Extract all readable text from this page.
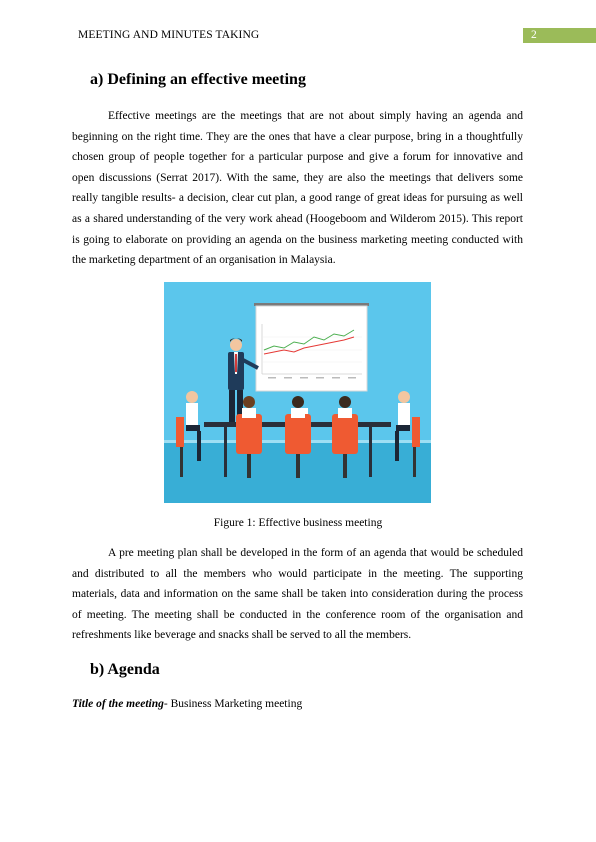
MEETING AND MINUTES TAKING	2
a) Defining an effective meeting

Effective meetings are the meetings that are not about simply having an agenda and beginning on the right time. They are the ones that have a clear purpose, bring in a thoughtfully chosen group of people together for a particular purpose and give a forum for innovative and open discussions (Serrat 2017). With the same, they are also the meetings that delivers some really tangible results- a decision, clear cut plan, a good range of great ideas for pursuing as well as a shared understanding of the very work ahead (Hoogeboom and Wilderom 2015). This report is going to elaborate on providing an agenda on the business marketing meeting conducted with the marketing department of an organisation in Malaysia.

Figure 1: Effective business meeting

A pre meeting plan shall be developed in the form of an agenda that would be scheduled and distributed to all the members who would participate in the meeting. The supporting materials, data and information on the same shall be taken into consideration during the process of meeting. The meeting shall be conducted in the conference room of the organisation and refreshments like beverage and snacks shall be served to all the members.

b) Agenda
Title of the meeting- Business Marketing meeting
